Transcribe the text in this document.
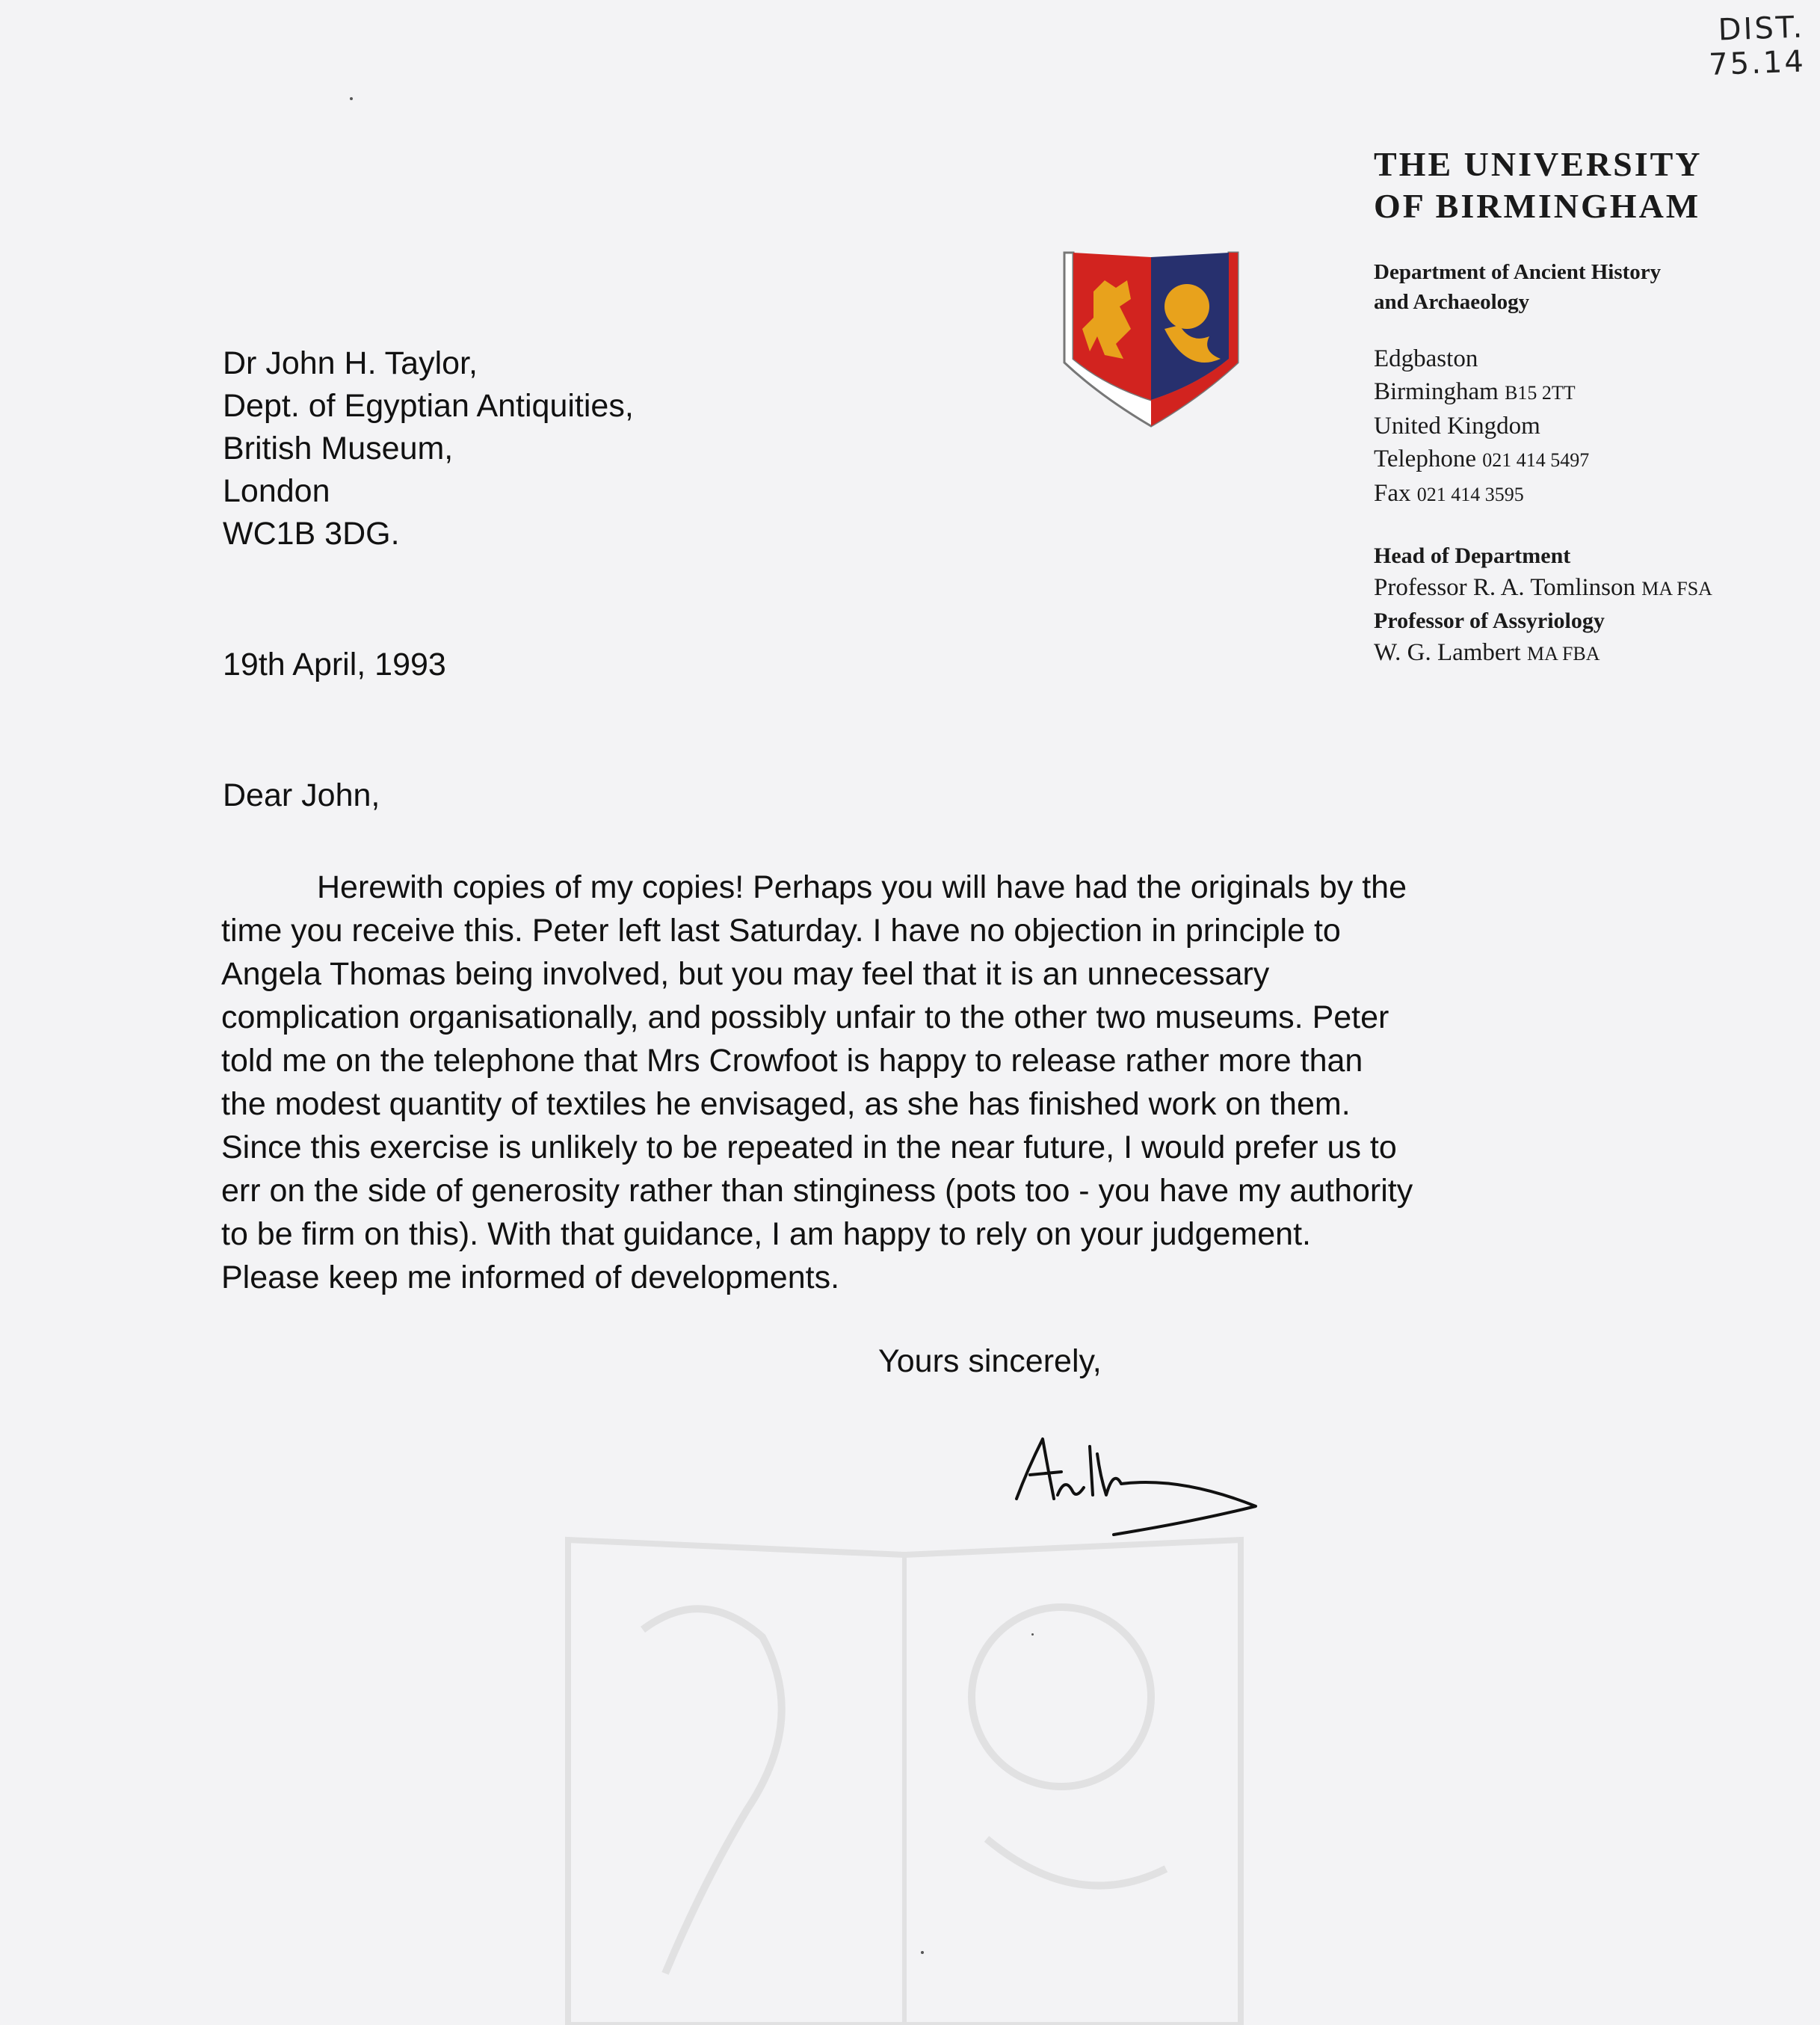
DIST. 75.14
THE UNIVERSITY
OF BIRMINGHAM
Department of Ancient History
and Archaeology
Edgbaston
Birmingham B15 2TT
United Kingdom
Telephone 021 414 5497
Fax 021 414 3595
Head of Department
Professor R. A. Tomlinson MA FSA
Professor of Assyriology
W. G. Lambert MA FBA
Dr John H. Taylor,
Dept. of Egyptian Antiquities,
British Museum,
London
WC1B 3DG.
19th April, 1993
Dear John,
Herewith copies of my copies! Perhaps you will have had the originals by the
time you receive this. Peter left last Saturday. I have no objection in principle to
Angela Thomas being involved, but you may feel that it is an unnecessary
complication organisationally, and possibly unfair to the other two museums. Peter
told me on the telephone that Mrs Crowfoot is happy to release rather more than
the modest quantity of textiles he envisaged, as she has finished work on them.
Since this exercise is unlikely to be repeated in the near future, I would prefer us to
err on the side of generosity rather than stinginess (pots too - you have my authority
to be firm on this). With that guidance, I am happy to rely on your judgement.
Please keep me informed of developments.
Yours sincerely,
